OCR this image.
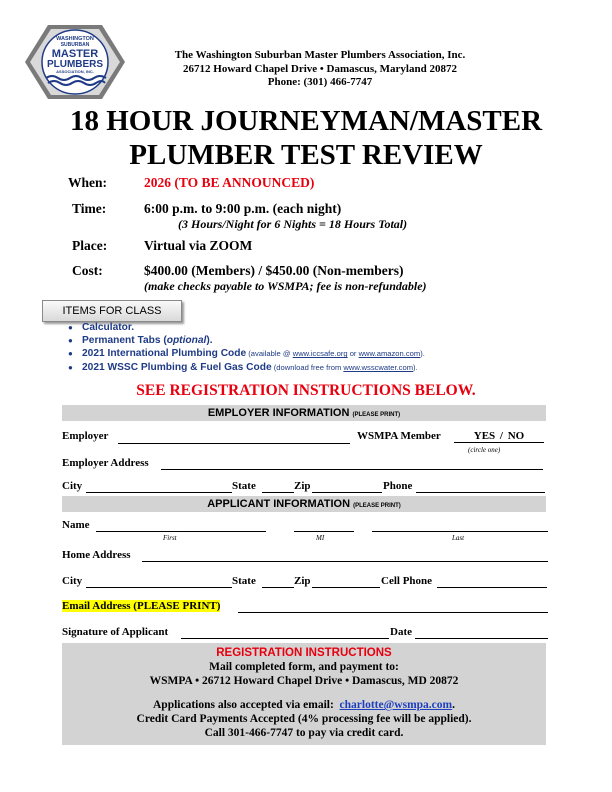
WASHINGTON
SUBURBAN
MASTER
PLUMBERS
ASSOCIATION, INC.
The Washington Suburban Master Plumbers Association, Inc.
26712 Howard Chapel Drive • Damascus, Maryland 20872
Phone: (301) 466-7747
18 HOUR JOURNEYMAN/MASTER
PLUMBER TEST REVIEW
When:	2026 (TO BE ANNOUNCED)
Time:	6:00 p.m. to 9:00 p.m. (each night)
(3 Hours/Night for 6 Nights = 18 Hours Total)
Place:	Virtual via ZOOM
Cost:	$400.00 (Members) / $450.00 (Non-members)
(make checks payable to WSMPA; fee is non-refundable)
ITEMS FOR CLASS
● Calculator.
● Permanent Tabs (optional).
● 2021 International Plumbing Code (available @ www.iccsafe.org or www.amazon.com).
● 2021 WSSC Plumbing & Fuel Gas Code (download free from www.wsscwater.com).
SEE REGISTRATION INSTRUCTIONS BELOW.
EMPLOYER INFORMATION (PLEASE PRINT)
Employer	WSMPA Member	YES / NO
(circle one)
Employer Address
City	State	Zip	Phone
APPLICANT INFORMATION (PLEASE PRINT)
Name
First	MI	Last
Home Address
City	State	Zip	Cell Phone
Email Address (PLEASE PRINT)
Signature of Applicant	Date
REGISTRATION INSTRUCTIONS
Mail completed form, and payment to:
WSMPA • 26712 Howard Chapel Drive • Damascus, MD 20872
Applications also accepted via email:  charlotte@wsmpa.com.
Credit Card Payments Accepted (4% processing fee will be applied).
Call 301-466-7747 to pay via credit card.
